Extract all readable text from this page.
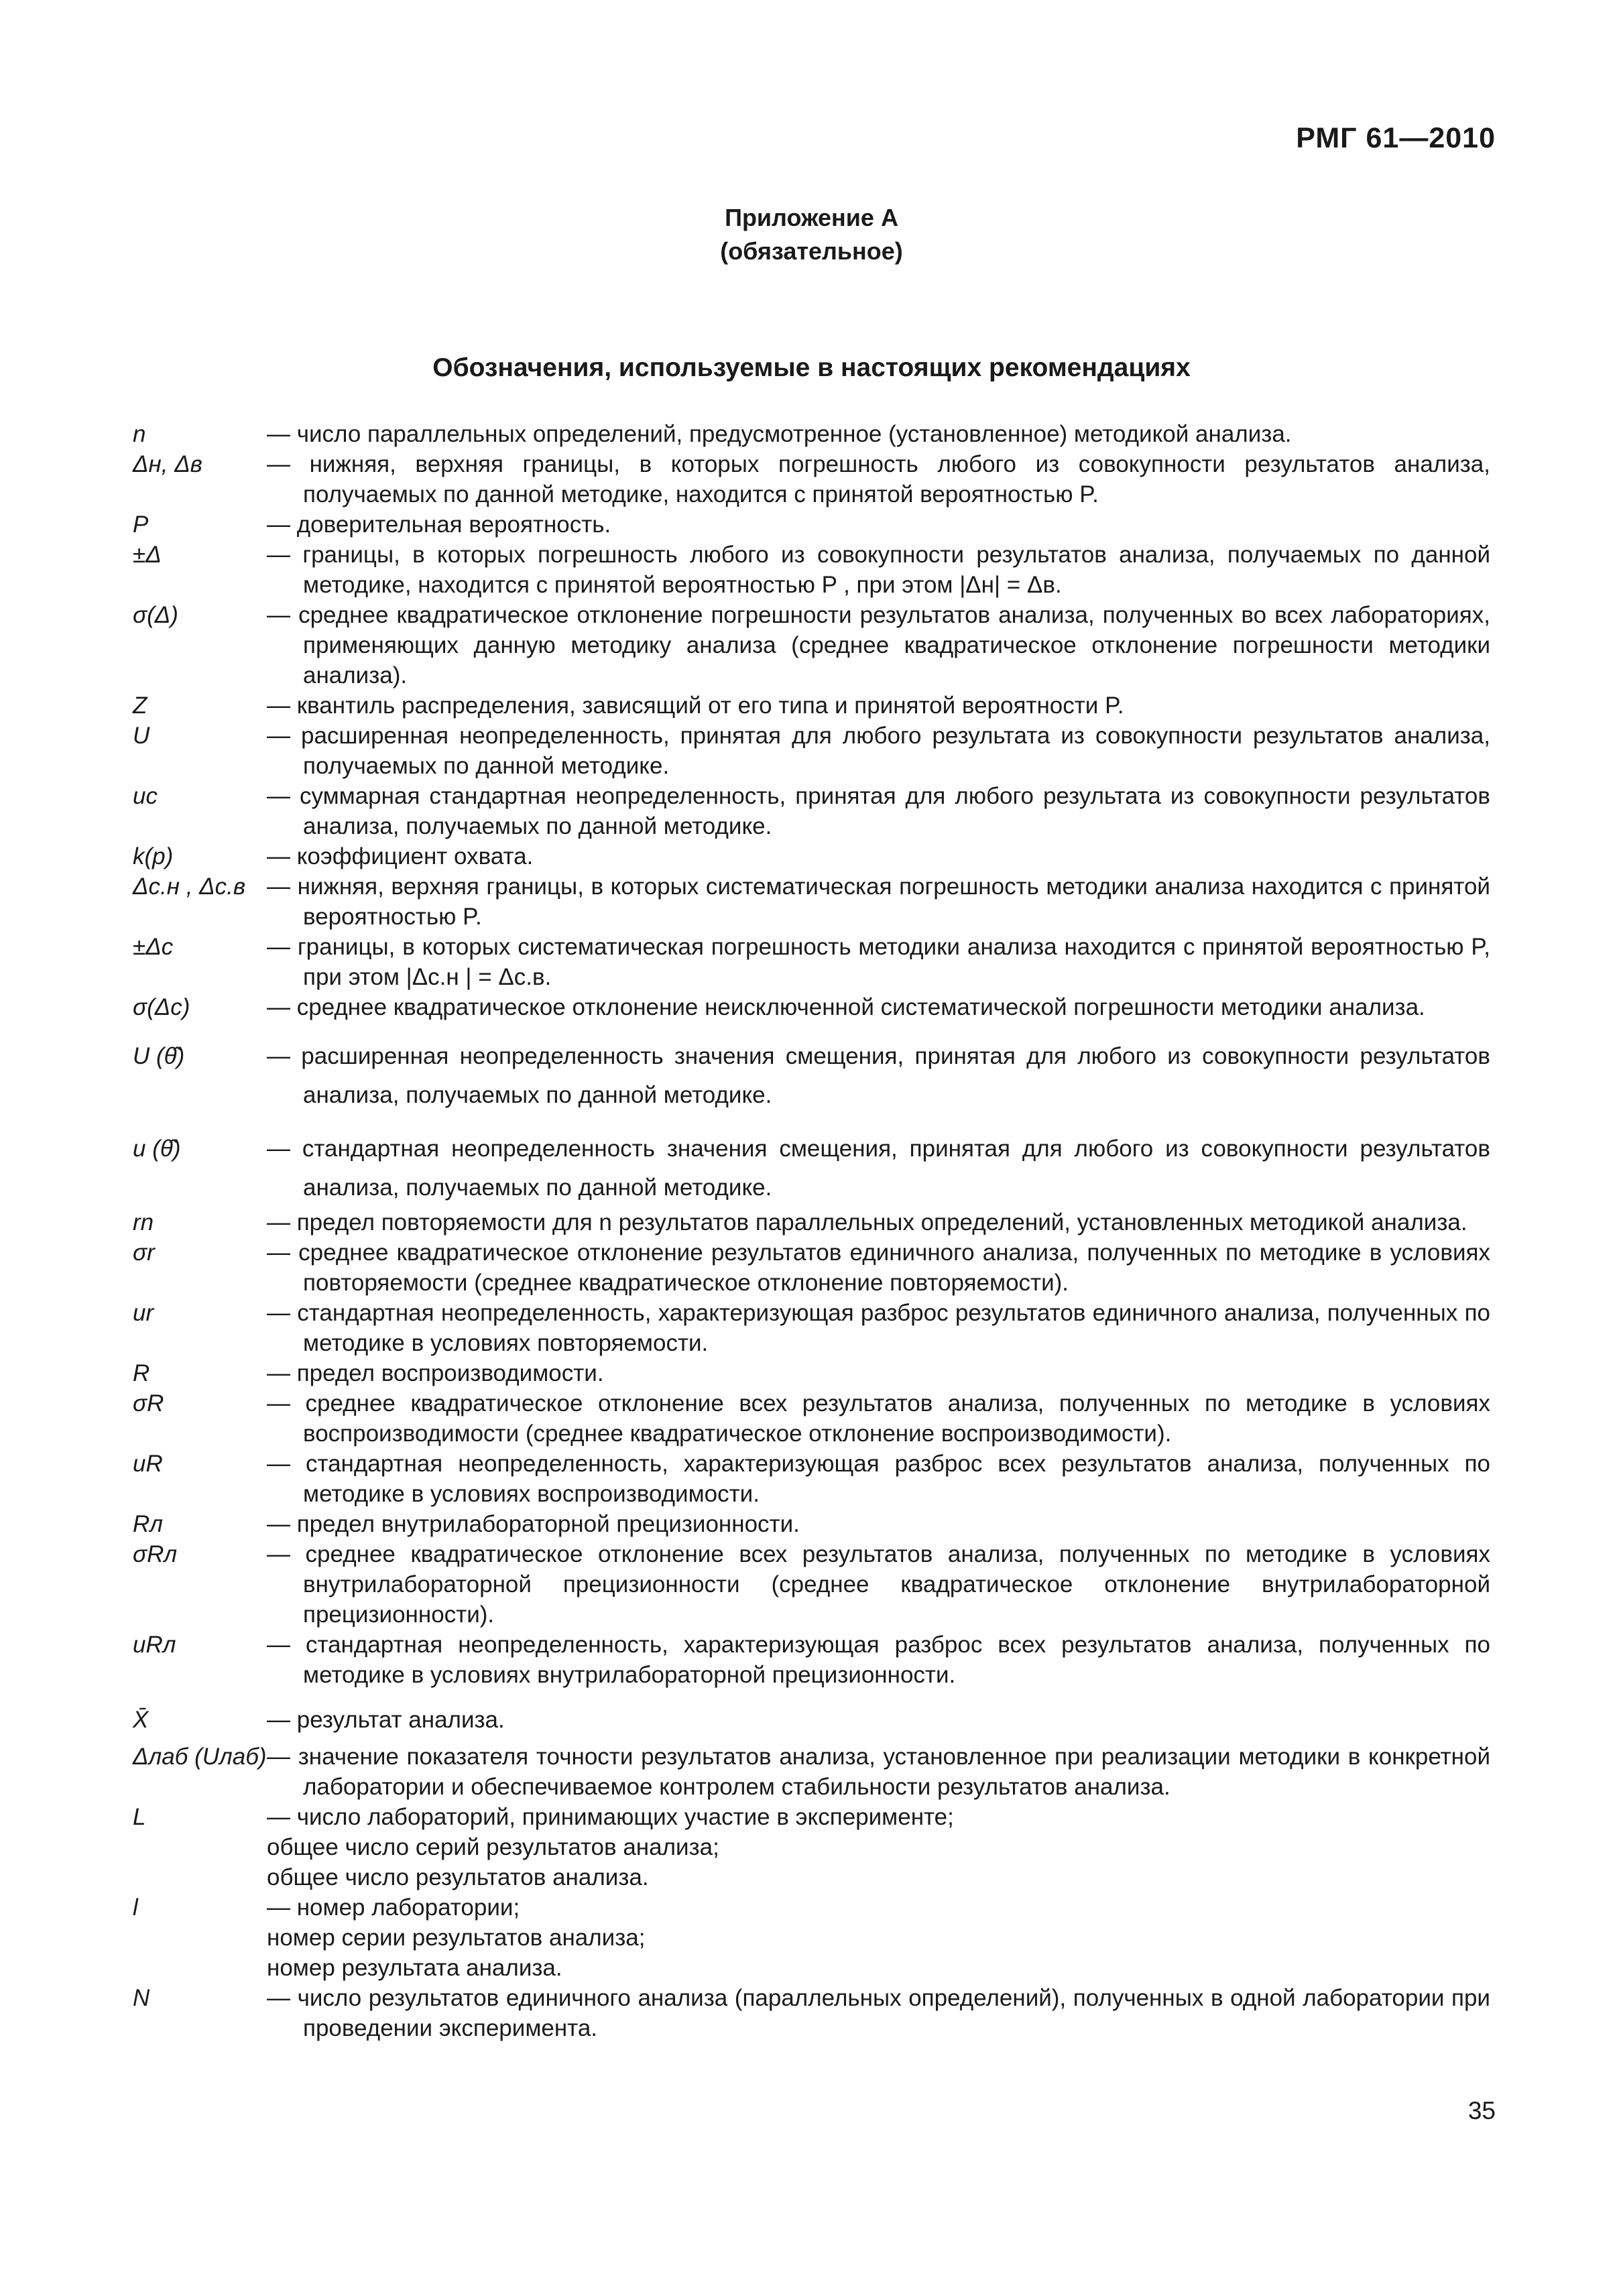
РМГ 61—2010
Приложение А
(обязательное)
Обозначения, используемые в настоящих рекомендациях
n	— число параллельных определений, предусмотренное (установленное) методикой анализа.
Δн, Δв	— нижняя, верхняя границы, в которых погрешность любого из совокупности результатов анализа, получаемых по данной методике, находится с принятой вероятностью P.
P	— доверительная вероятность.
±Δ	— границы, в которых погрешность любого из совокупности результатов анализа, получаемых по данной методике, находится с принятой вероятностью P , при этом |Δн| = Δв.
σ(Δ)	— среднее квадратическое отклонение погрешности результатов анализа, полученных во всех лабораториях, применяющих данную методику анализа (среднее квадратическое отклонение погрешности методики анализа).
Z	— квантиль распределения, зависящий от его типа и принятой вероятности P.
U	— расширенная неопределенность, принятая для любого результата из совокупности результатов анализа, получаемых по данной методике.
uc	— суммарная стандартная неопределенность, принятая для любого результата из совокупности результатов анализа, получаемых по данной методике.
k(p)	— коэффициент охвата.
Δс.н , Δс.в — нижняя, верхняя границы, в которых систематическая погрешность методики анализа находится с принятой вероятностью P.
±Δс	— границы, в которых систематическая погрешность методики анализа находится с принятой вероятностью P, при этом |Δс.н | = Δс.в.
σ(Δс)	— среднее квадратическое отклонение неисключенной систематической погрешности методики анализа.
U (θ̂)	— расширенная неопределенность значения смещения, принятая для любого из совокупности результатов анализа, получаемых по данной методике.
u (θ̂)	— стандартная неопределенность значения смещения, принятая для любого из совокупности результатов анализа, получаемых по данной методике.
rn	— предел повторяемости для n результатов параллельных определений, установленных методикой анализа.
σr	— среднее квадратическое отклонение результатов единичного анализа, полученных по методике в условиях повторяемости (среднее квадратическое отклонение повторяемости).
ur	— стандартная неопределенность, характеризующая разброс результатов единичного анализа, полученных по методике в условиях повторяемости.
R	— предел воспроизводимости.
σR	— среднее квадратическое отклонение всех результатов анализа, полученных по методике в условиях воспроизводимости (среднее квадратическое отклонение воспроизводимости).
uR	— стандартная неопределенность, характеризующая разброс всех результатов анализа, полученных по методике в условиях воспроизводимости.
Rл	— предел внутрилабораторной прецизионности.
σRл	— среднее квадратическое отклонение всех результатов анализа, полученных по методике в условиях внутрилабораторной прецизионности (среднее квадратическое отклонение внутрилабораторной прецизионности).
uRл	— стандартная неопределенность, характеризующая разброс всех результатов анализа, полученных по методике в условиях внутрилабораторной прецизионности.
X̄	— результат анализа.
Δлаб (Uлаб) — значение показателя точности результатов анализа, установленное при реализации методики в конкретной лаборатории и обеспечиваемое контролем стабильности результатов анализа.
L	— число лабораторий, принимающих участие в эксперименте;
общее число серий результатов анализа;
общее число результатов анализа.
l	— номер лаборатории;
номер серии результатов анализа;
номер результата анализа.
N	— число результатов единичного анализа (параллельных определений), полученных в одной лаборатории при проведении эксперимента.
35
